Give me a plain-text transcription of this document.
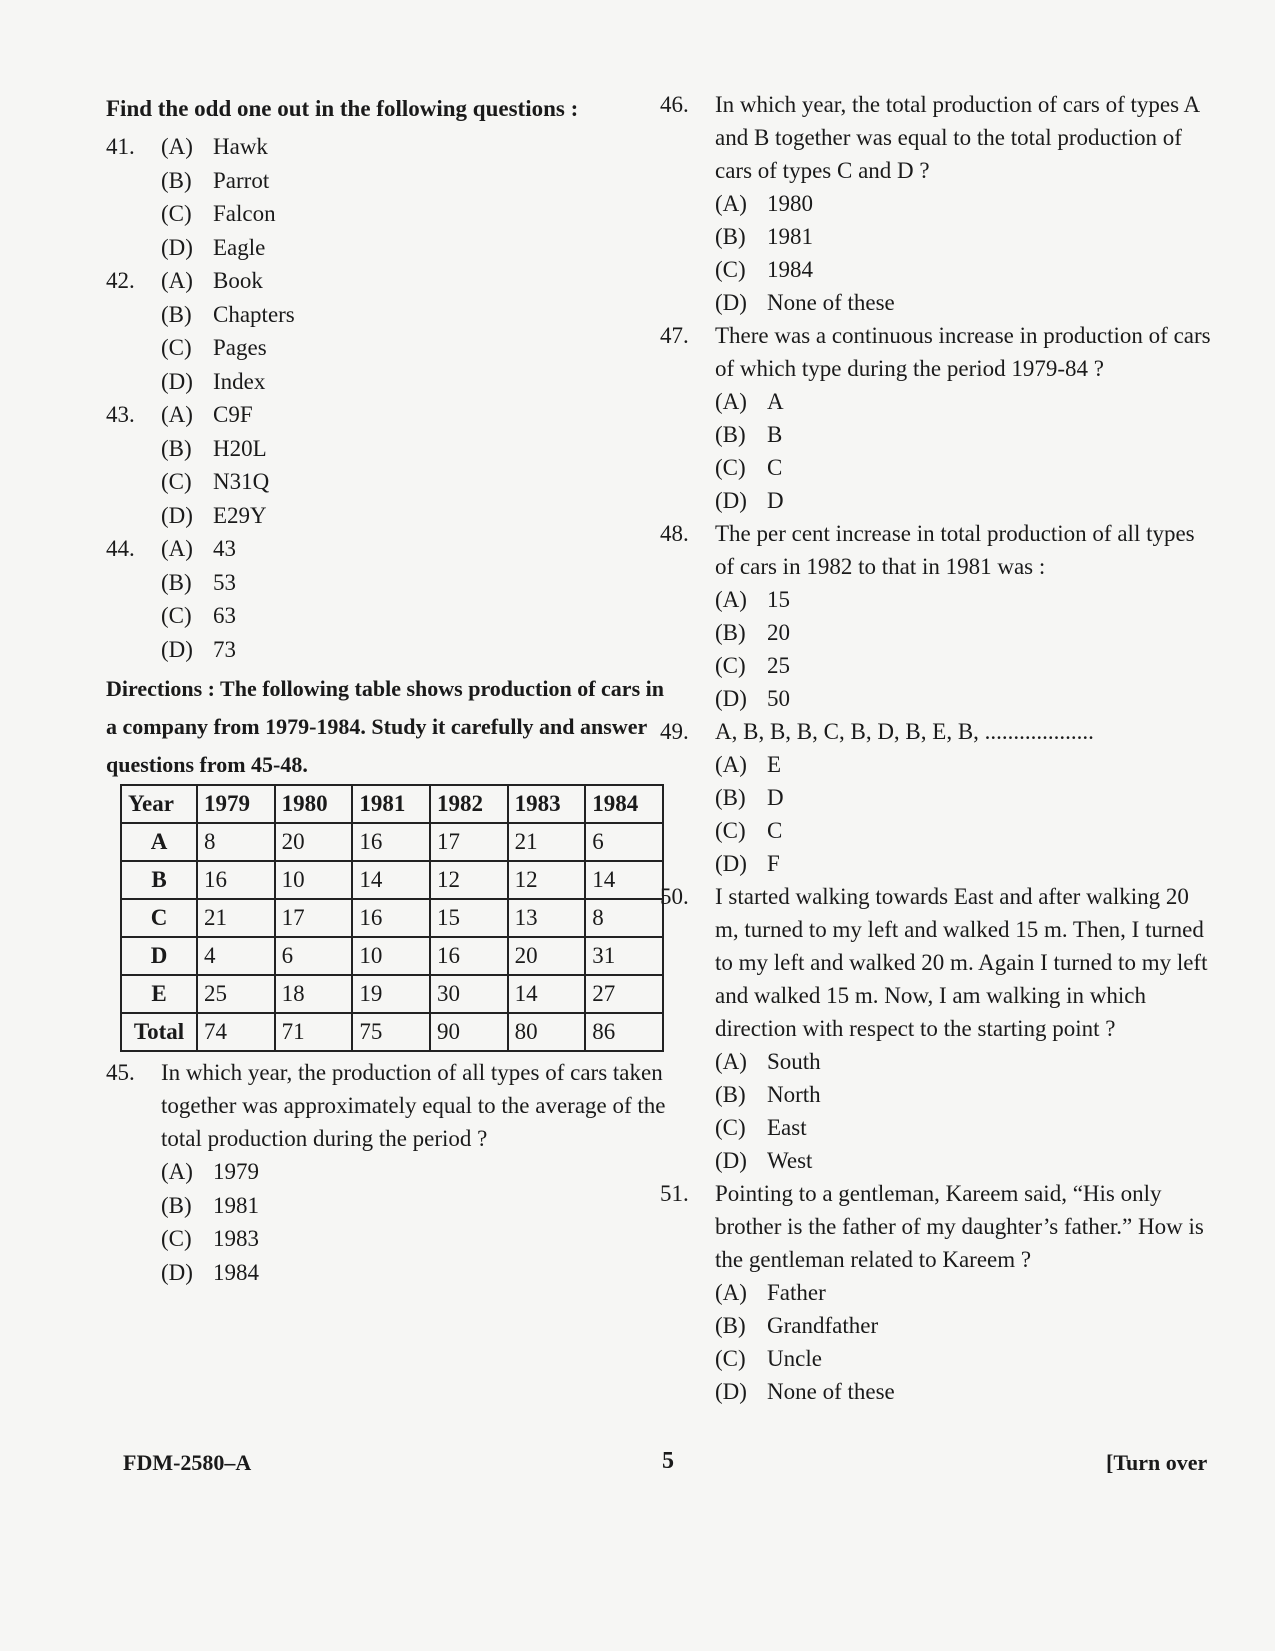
Find the odd one out in the following questions :

41.	(A) Hawk
(B) Parrot
(C) Falcon
(D) Eagle
42.	(A) Book
(B) Chapters
(C) Pages
(D) Index
43.	(A) C9F
(B) H20L
(C) N31Q
(D) E29Y
44.	(A) 43
(B) 53
(C) 63
(D) 73
Directions : The following table shows production of cars in a company from 1979-1984. Study it carefully and answer questions from 45-48.
Year	1979	1980	1981	1982	1983	1984
A	8	20	16	17	21	6
B	16	10	14	12	12	14
C	21	17	16	15	13	8
D	4	6	10	16	20	31
E	25	18	19	30	14	27
Total	74	71	75	90	80	86
45.	In which year, the production of all types of cars taken together was approximately equal to the average of the total production during the period ?
(A) 1979
(B) 1981
(C) 1983
(D) 1984
46.	In which year, the total production of cars of types A and B together was equal to the total production of cars of types C and D ?
(A) 1980
(B) 1981
(C) 1984
(D) None of these
47.	There was a continuous increase in production of cars of which type during the period 1979-84 ?
(A) A
(B) B
(C) C
(D) D
48.	The per cent increase in total production of all types of cars in 1982 to that in 1981 was :
(A) 15
(B) 20
(C) 25
(D) 50
49.	A, B, B, B, C, B, D, B, E, B, ...................
(A) E
(B) D
(C) C
(D) F
50.	I started walking towards East and after walking 20 m, turned to my left and walked 15 m. Then, I turned to my left and walked 20 m. Again I turned to my left and walked 15 m. Now, I am walking in which direction with respect to the starting point ?
(A) South
(B) North
(C) East
(D) West
51.	Pointing to a gentleman, Kareem said, “His only brother is the father of my daughter’s father.” How is the gentleman related to Kareem ?
(A) Father
(B) Grandfather
(C) Uncle
(D) None of these
FDM-2580–A	5	[Turn over
